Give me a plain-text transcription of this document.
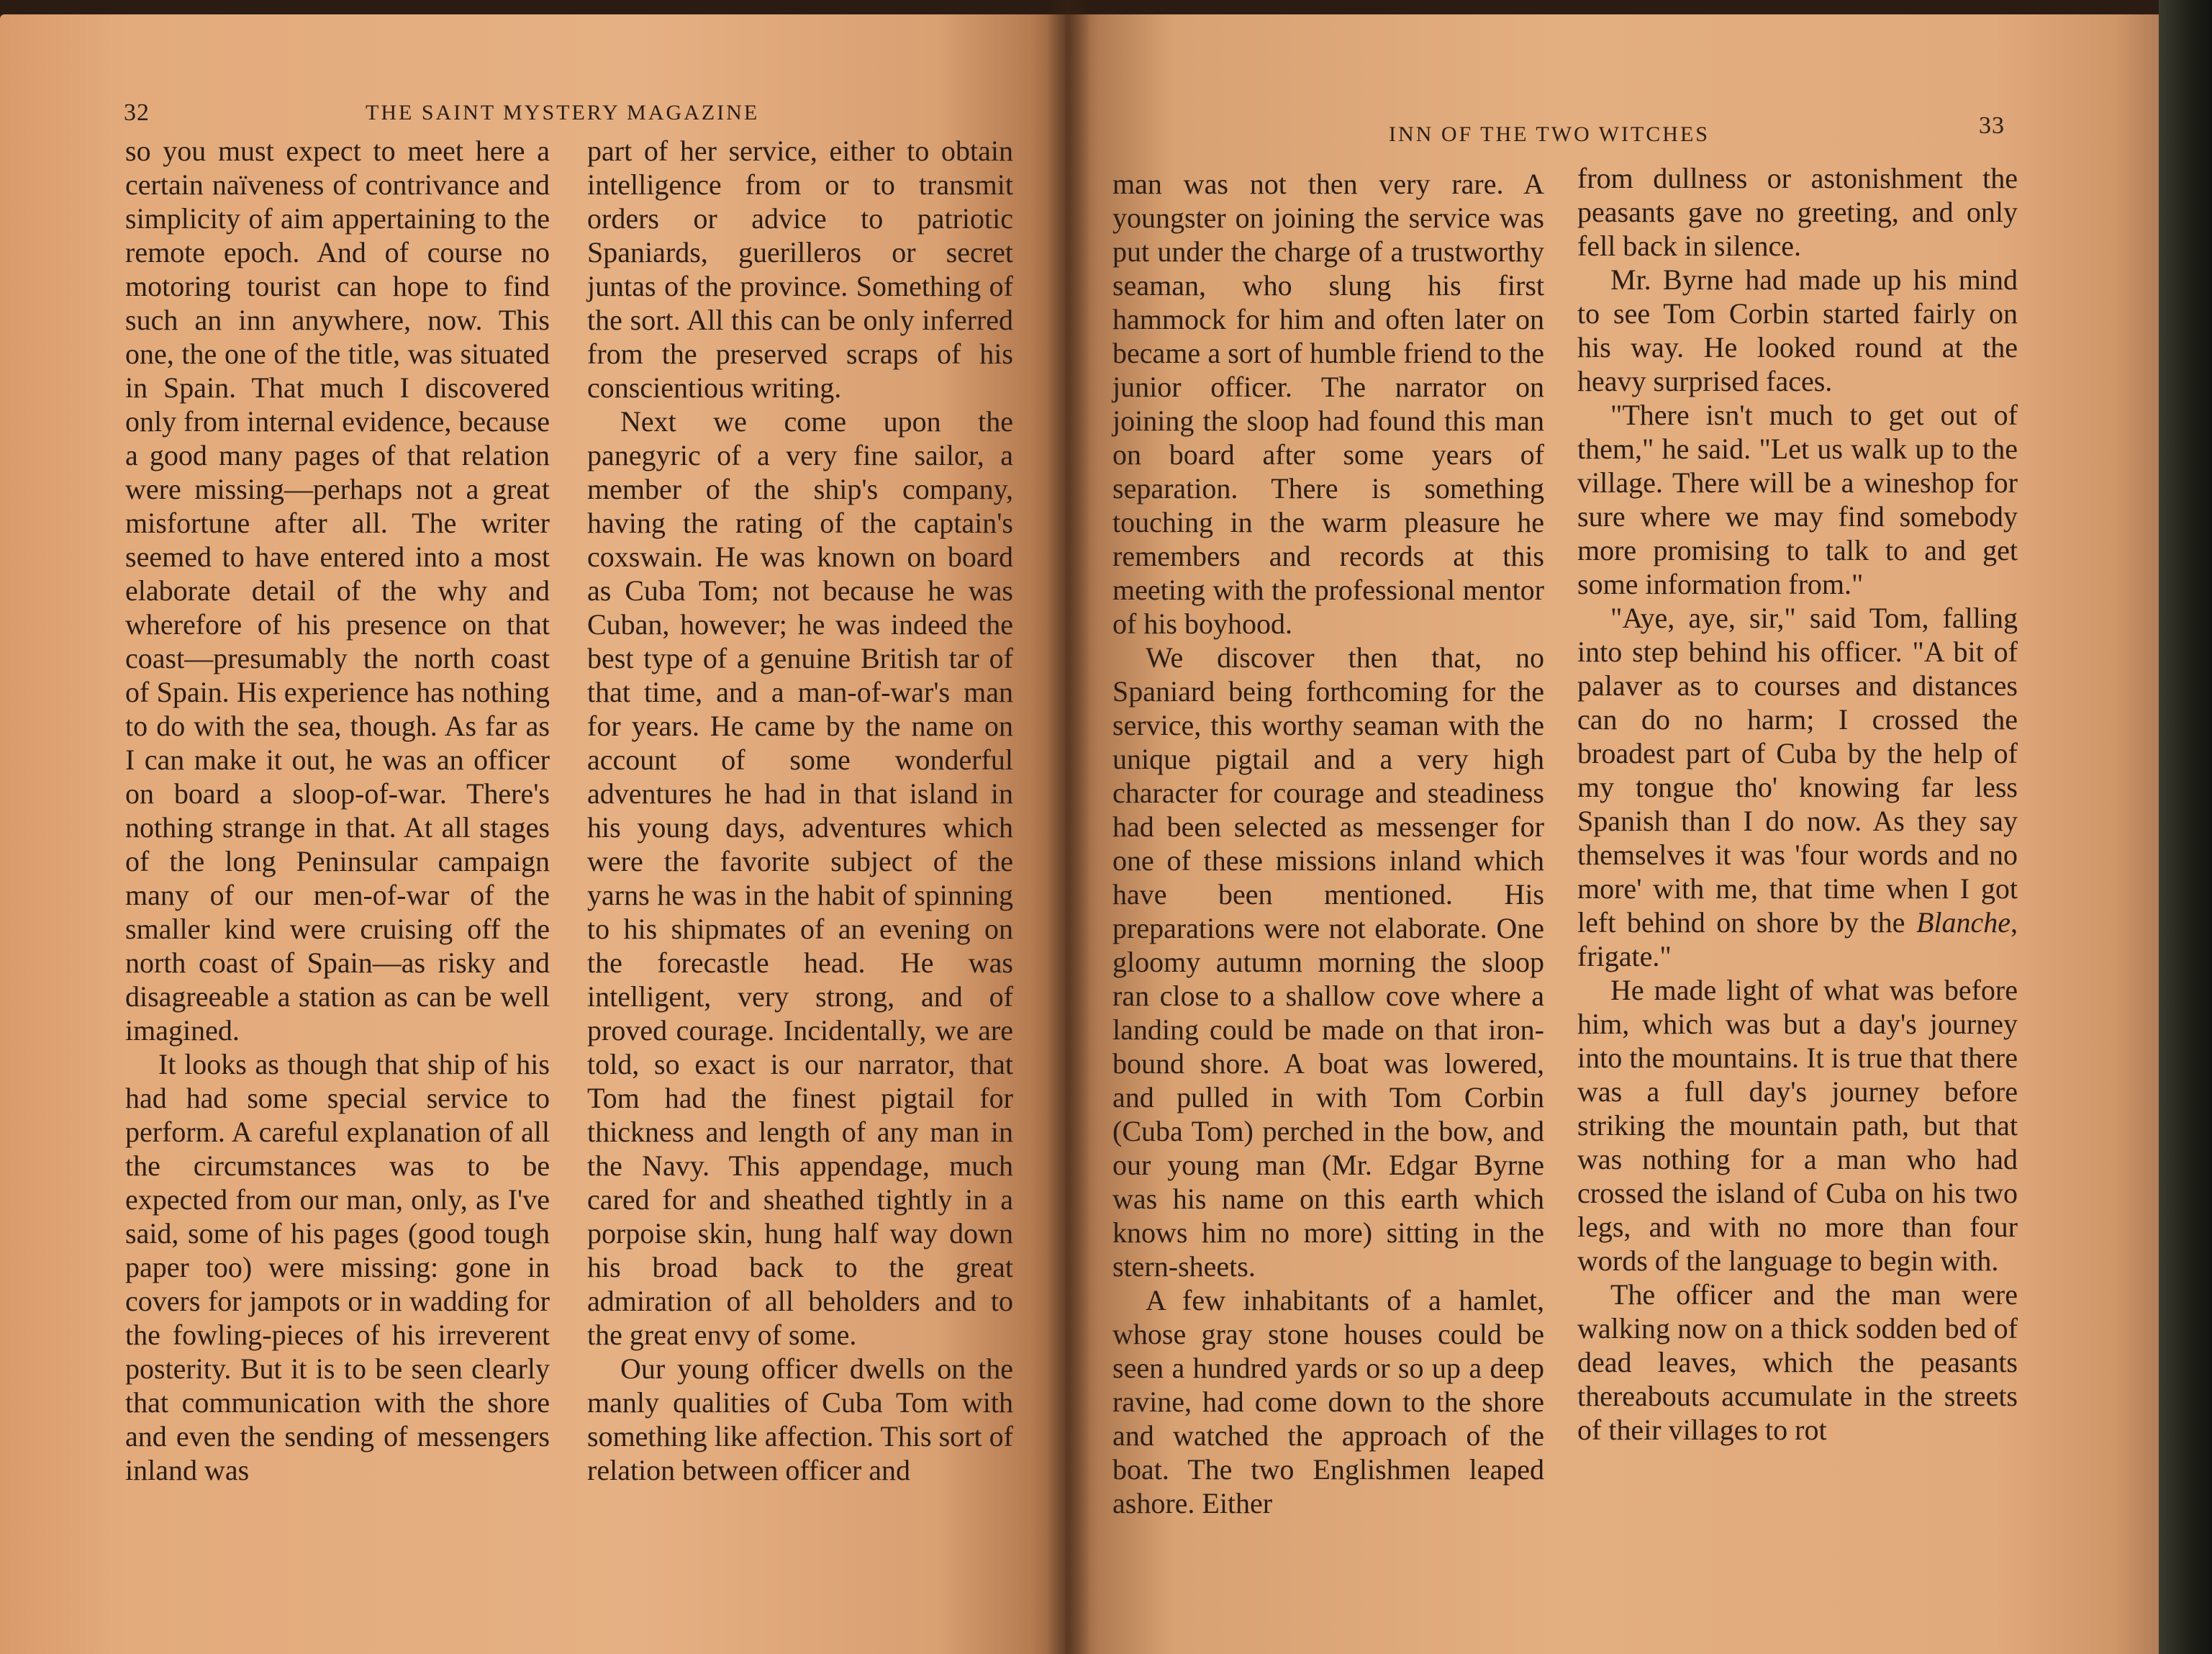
32	THE SAINT MYSTERY MAGAZINE

so you must expect to meet here a certain naïveness of contrivance and simplicity of aim appertaining to the remote epoch. And of course no motoring tourist can hope to find such an inn anywhere, now. This one, the one of the title, was situated in Spain. That much I discovered only from internal evidence, because a good many pages of that relation were missing—perhaps not a great misfortune after all. The writer seemed to have entered into a most elaborate detail of the why and wherefore of his presence on that coast—presumably the north coast of Spain. His experience has nothing to do with the sea, though. As far as I can make it out, he was an officer on board a sloop-of-war. There's nothing strange in that. At all stages of the long Peninsular campaign many of our men-of-war of the smaller kind were cruising off the north coast of Spain—as risky and disagreeable a station as can be well imagined.

It looks as though that ship of his had had some special service to perform. A careful explanation of all the circumstances was to be expected from our man, only, as I've said, some of his pages (good tough paper too) were missing: gone in covers for jampots or in wadding for the fowling-pieces of his irreverent posterity. But it is to be seen clearly that communication with the shore and even the sending of messengers inland was

part of her service, either to obtain intelligence from or to transmit orders or advice to patriotic Spaniards, guerilleros or secret juntas of the province. Something of the sort. All this can be only inferred from the preserved scraps of his conscientious writing.

Next we come upon the panegyric of a very fine sailor, a member of the ship's company, having the rating of the captain's coxswain. He was known on board as Cuba Tom; not because he was Cuban, however; he was indeed the best type of a genuine British tar of that time, and a man-of-war's man for years. He came by the name on account of some wonderful adventures he had in that island in his young days, adventures which were the favorite subject of the yarns he was in the habit of spinning to his shipmates of an evening on the forecastle head. He was intelligent, very strong, and of proved courage. Incidentally, we are told, so exact is our narrator, that Tom had the finest pigtail for thickness and length of any man in the Navy. This appendage, much cared for and sheathed tightly in a porpoise skin, hung half way down his broad back to the great admiration of all beholders and to the great envy of some.

Our young officer dwells on the manly qualities of Cuba Tom with something like affection. This sort of relation between officer and

INN OF THE TWO WITCHES	33

man was not then very rare. A youngster on joining the service was put under the charge of a trustworthy seaman, who slung his first hammock for him and often later on became a sort of humble friend to the junior officer. The narrator on joining the sloop had found this man on board after some years of separation. There is something touching in the warm pleasure he remembers and records at this meeting with the professional mentor of his boyhood.

We discover then that, no Spaniard being forthcoming for the service, this worthy seaman with the unique pigtail and a very high character for courage and steadiness had been selected as messenger for one of these missions inland which have been mentioned. His preparations were not elaborate. One gloomy autumn morning the sloop ran close to a shallow cove where a landing could be made on that iron-bound shore. A boat was lowered, and pulled in with Tom Corbin (Cuba Tom) perched in the bow, and our young man (Mr. Edgar Byrne was his name on this earth which knows him no more) sitting in the stern-sheets.

A few inhabitants of a hamlet, whose gray stone houses could be seen a hundred yards or so up a deep ravine, had come down to the shore and watched the approach of the boat. The two Englishmen leaped ashore. Either

from dullness or astonishment the peasants gave no greeting, and only fell back in silence.

Mr. Byrne had made up his mind to see Tom Corbin started fairly on his way. He looked round at the heavy surprised faces.

"There isn't much to get out of them," he said. "Let us walk up to the village. There will be a wineshop for sure where we may find somebody more promising to talk to and get some information from."

"Aye, aye, sir," said Tom, falling into step behind his officer. "A bit of palaver as to courses and distances can do no harm; I crossed the broadest part of Cuba by the help of my tongue tho' knowing far less Spanish than I do now. As they say themselves it was 'four words and no more' with me, that time when I got left behind on shore by the Blanche, frigate."

He made light of what was before him, which was but a day's journey into the mountains. It is true that there was a full day's journey before striking the mountain path, but that was nothing for a man who had crossed the island of Cuba on his two legs, and with no more than four words of the language to begin with.

The officer and the man were walking now on a thick sodden bed of dead leaves, which the peasants thereabouts accumulate in the streets of their villages to rot
